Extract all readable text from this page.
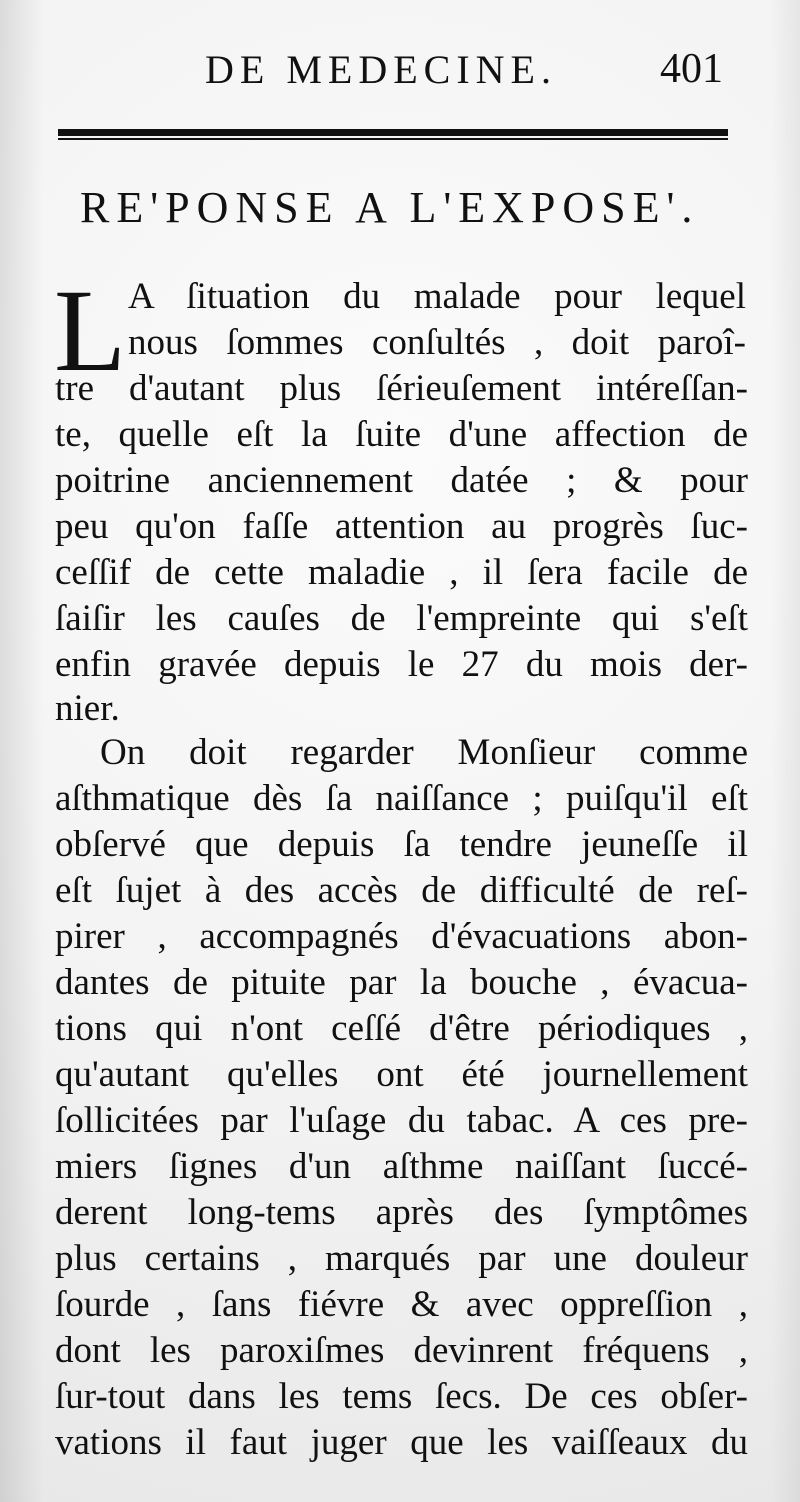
DE MEDECINE. 401
RE'PONSE A L'EXPOSE'.
L A ſituation du malade pour lequel

nous ſommes conſultés , doit paroî-

tre d'autant plus ſérieuſement intéreſſan-

te, quelle eſt la ſuite d'une affection de

poitrine anciennement datée ; & pour

peu qu'on faſſe attention au progrès ſuc-

ceſſif de cette maladie , il ſera facile de

ſaiſir les cauſes de l'empreinte qui s'eſt

enfin gravée depuis le 27 du mois der-

nier.

On doit regarder Monſieur comme

aſthmatique dès ſa naiſſance ; puiſqu'il eſt

obſervé que depuis ſa tendre jeuneſſe il

eſt ſujet à des accès de difficulté de reſ-

pirer , accompagnés d'évacuations abon-

dantes de pituite par la bouche , évacua-

tions qui n'ont ceſſé d'être périodiques ,

qu'autant qu'elles ont été journellement

ſollicitées par l'uſage du tabac. A ces pre-

miers ſignes d'un aſthme naiſſant ſuccé-

derent long-tems après des ſymptômes

plus certains , marqués par une douleur

ſourde , ſans fiévre & avec oppreſſion ,

dont les paroxiſmes devinrent fréquens ,

ſur-tout dans les tems ſecs. De ces obſer-

vations il faut juger que les vaiſſeaux du
